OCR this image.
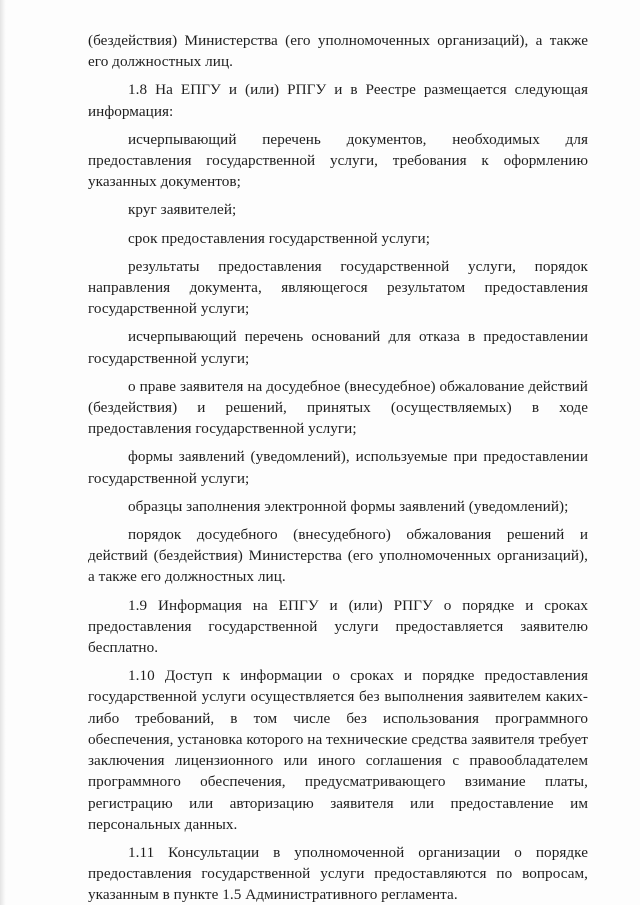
(бездействия) Министерства (его уполномоченных организаций), а также его должностных лиц.

1.8 На ЕПГУ и (или) РПГУ и в Реестре размещается следующая информация:

исчерпывающий перечень документов, необходимых для предоставления государственной услуги, требования к оформлению указанных документов;

круг заявителей;

срок предоставления государственной услуги;

результаты предоставления государственной услуги, порядок направления документа, являющегося результатом предоставления государственной услуги;

исчерпывающий перечень оснований для отказа в предоставлении государственной услуги;

о праве заявителя на досудебное (внесудебное) обжалование действий (бездействия) и решений, принятых (осуществляемых) в ходе предоставления государственной услуги;

формы заявлений (уведомлений), используемые при предоставлении государственной услуги;

образцы заполнения электронной формы заявлений (уведомлений);

порядок досудебного (внесудебного) обжалования решений и действий (бездействия) Министерства (его уполномоченных организаций), а также его должностных лиц.

1.9 Информация на ЕПГУ и (или) РПГУ о порядке и сроках предоставления государственной услуги предоставляется заявителю бесплатно.

1.10 Доступ к информации о сроках и порядке предоставления государственной услуги осуществляется без выполнения заявителем каких-либо требований, в том числе без использования программного обеспечения, установка которого на технические средства заявителя требует заключения лицензионного или иного соглашения с правообладателем программного обеспечения, предусматривающего взимание платы, регистрацию или авторизацию заявителя или предоставление им персональных данных.

1.11 Консультации в уполномоченной организации о порядке предоставления государственной услуги предоставляются по вопросам, указанным в пункте 1.5 Административного регламента.
